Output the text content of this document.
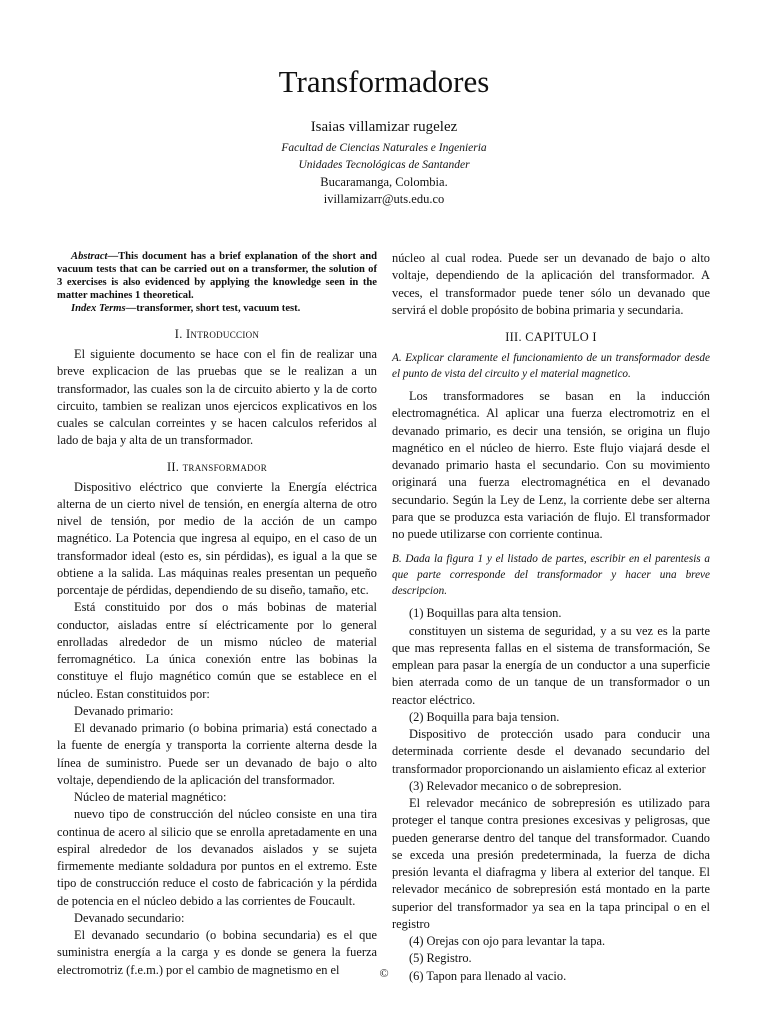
Transformadores
Isaias villamizar rugelez
Facultad de Ciencias Naturales e Ingenieria
Unidades Tecnológicas de Santander
Bucaramanga, Colombia.
ivillamizarr@uts.edu.co

Abstract—This document has a brief explanation of the short and vacuum tests that can be carried out on a transformer, the solution of 3 exercises is also evidenced by applying the knowledge seen in the matter machines 1 theoretical.

Index Terms—transformer, short test, vacuum test.

I. Introduccion

El siguiente documento se hace con el fin de realizar una breve explicacion de las pruebas que se le realizan a un transformador, las cuales son la de circuito abierto y la de corto circuito, tambien se realizan unos ejercicos explicativos en los cuales se calculan correintes y se hacen calculos referidos al lado de baja y alta de un transformador.

II. transformador

Dispositivo eléctrico que convierte la Energía eléctrica alterna de un cierto nivel de tensión, en energía alterna de otro nivel de tensión, por medio de la acción de un campo magnético. La Potencia que ingresa al equipo, en el caso de un transformador ideal (esto es, sin pérdidas), es igual a la que se obtiene a la salida. Las máquinas reales presentan un pequeño porcentaje de pérdidas, dependiendo de su diseño, tamaño, etc.

Está constituido por dos o más bobinas de material conductor, aisladas entre sí eléctricamente por lo general enrolladas alrededor de un mismo núcleo de material ferromagnético. La única conexión entre las bobinas la constituye el flujo magnético común que se establece en el núcleo. Estan constituidos por:

Devanado primario:

El devanado primario (o bobina primaria) está conectado a la fuente de energía y transporta la corriente alterna desde la línea de suministro. Puede ser un devanado de bajo o alto voltaje, dependiendo de la aplicación del transformador.

Núcleo de material magnético:

nuevo tipo de construcción del núcleo consiste en una tira continua de acero al silicio que se enrolla apretadamente en una espiral alrededor de los devanados aislados y se sujeta firmemente mediante soldadura por puntos en el extremo. Este tipo de construcción reduce el costo de fabricación y la pérdida de potencia en el núcleo debido a las corrientes de Foucault.

Devanado secundario:

El devanado secundario (o bobina secundaria) es el que suministra energía a la carga y es donde se genera la fuerza electromotriz (f.e.m.) por el cambio de magnetismo en el

núcleo al cual rodea. Puede ser un devanado de bajo o alto voltaje, dependiendo de la aplicación del transformador. A veces, el transformador puede tener sólo un devanado que servirá el doble propósito de bobina primaria y secundaria.

III. CAPITULO I

A. Explicar claramente el funcionamiento de un transformador desde el punto de vista del circuito y el material magnetico.

Los transformadores se basan en la inducción electromagnética. Al aplicar una fuerza electromotriz en el devanado primario, es decir una tensión, se origina un flujo magnético en el núcleo de hierro. Este flujo viajará desde el devanado primario hasta el secundario. Con su movimiento originará una fuerza electromagnética en el devanado secundario. Según la Ley de Lenz, la corriente debe ser alterna para que se produzca esta variación de flujo. El transformador no puede utilizarse con corriente continua.

B. Dada la figura 1 y el listado de partes, escribir en el parentesis a que parte corresponde del transformador y hacer una breve descripcion.

(1) Boquillas para alta tension.

constituyen un sistema de seguridad, y a su vez es la parte que mas representa fallas en el sistema de transformación, Se emplean para pasar la energía de un conductor a una superficie bien aterrada como de un tanque de un transformador o un reactor eléctrico.

(2) Boquilla para baja tension.

Dispositivo de protección usado para conducir una determinada corriente desde el devanado secundario del transformador proporcionando un aislamiento eficaz al exterior

(3) Relevador mecanico o de sobrepresion.

El relevador mecánico de sobrepresión es utilizado para proteger el tanque contra presiones excesivas y peligrosas, que pueden generarse dentro del tanque del transformador. Cuando se exceda una presión predeterminada, la fuerza de dicha presión levanta el diafragma y libera al exterior del tanque. El relevador mecánico de sobrepresión está montado en la parte superior del transformador ya sea en la tapa principal o en el registro

(4) Orejas con ojo para levantar la tapa.

(5) Registro.

(6) Tapon para llenado al vacio.

©
